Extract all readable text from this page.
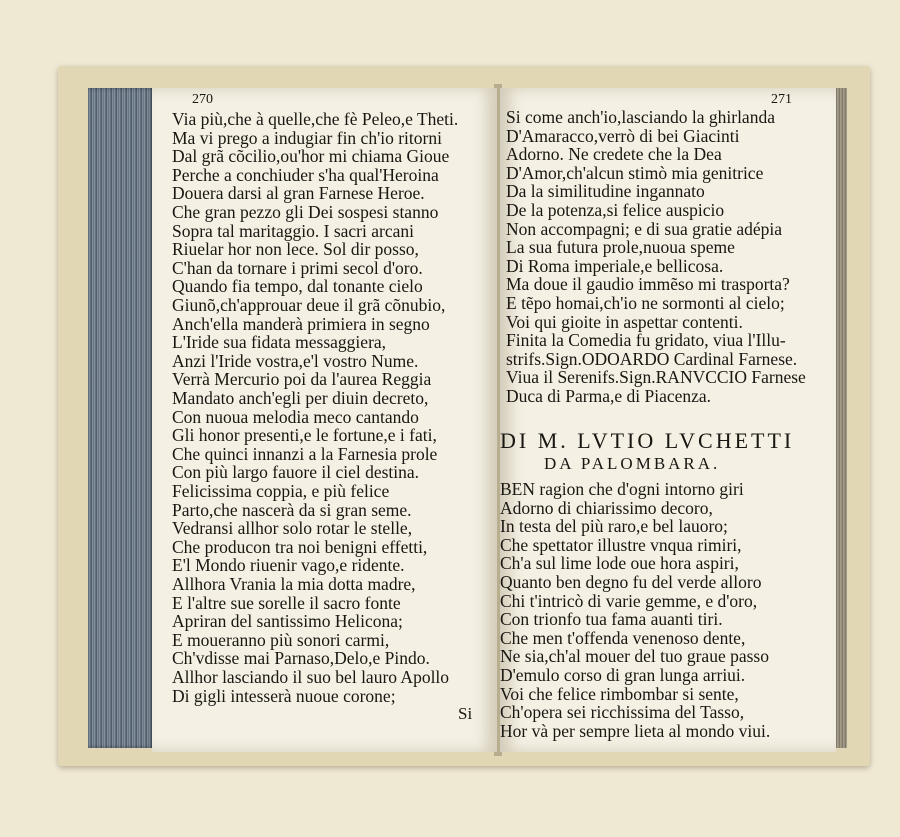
270
Via più,che à quelle,che fè Peleo,e Theti.
Ma vi prego a indugiar fin ch'io ritorni
Dal grã cõcilio,ou'hor mi chiama Gioue
Perche a conchiuder s'ha qual'Heroina
Douera darsi al gran Farnese Heroe.
Che gran pezzo gli Dei sospesi stanno
Sopra tal maritaggio. I sacri arcani
Riuelar hor non lece. Sol dir posso,
C'han da tornare i primi secol d'oro.
Quando fia tempo, dal tonante cielo
Giunõ,ch'approuar deue il grã cõnubio,
Anch'ella manderà primiera in segno
L'Iride sua fidata messaggiera,
Anzi l'Iride vostra,e'l vostro Nume.
Verrà Mercurio poi da l'aurea Reggia
Mandato anch'egli per diuin decreto,
Con nuoua melodia meco cantando
Gli honor presenti,e le fortune,e i fati,
Che quinci innanzi a la Farnesia prole
Con più largo fauore il ciel destina.
Felicissima coppia, e più felice
Parto,che nascerà da si gran seme.
Vedransi allhor solo rotar le stelle,
Che producon tra noi benigni effetti,
E'l Mondo riuenir vago,e ridente.
Allhora Vrania la mia dotta madre,
E l'altre sue sorelle il sacro fonte
Apriran del santissimo Helicona;
E moueranno più sonori carmi,
Ch'vdisse mai Parnaso,Delo,e Pindo.
Allhor lasciando il suo bel lauro Apollo
Di gigli intesserà nuoue corone;
Si
271
Si come anch'io,lasciando la ghirlanda
D'Amaracco,verrò di bei Giacinti
Adorno. Ne credete che la Dea
D'Amor,ch'alcun stimò mia genitrice
Da la similitudine ingannato
De la potenza,si felice auspicio
Non accompagni; e di sua gratie adépia
La sua futura prole,nuoua speme
Di Roma imperiale,e bellicosa.
Ma doue il gaudio immẽso mi trasporta?
E tẽpo homai,ch'io ne sormonti al cielo;
Voi qui gioite in aspettar contenti.
Finita la Comedia fu gridato, viua l'Illu-
strifs.Sign.ODOARDO Cardinal Farnese.
Viua il Serenifs.Sign.RANVCCIO Farnese
Duca di Parma,e di Piacenza.
DI M. LVTIO LVCHETTI
DA PALOMBARA.
BEN ragion che d'ogni intorno giri
Adorno di chiarissimo decoro,
In testa del più raro,e bel lauoro;
Che spettator illustre vnqua rimiri,
Ch'a sul lime lode oue hora aspiri,
Quanto ben degno fu del verde alloro
Chi t'intricò di varie gemme, e d'oro,
Con trionfo tua fama auanti tiri.
Che men t'offenda venenoso dente,
Ne sia,ch'al mouer del tuo graue passo
D'emulo corso di gran lunga arriui.
Voi che felice rimbombar si sente,
Ch'opera sei ricchissima del Tasso,
Hor và per sempre lieta al mondo viui.
